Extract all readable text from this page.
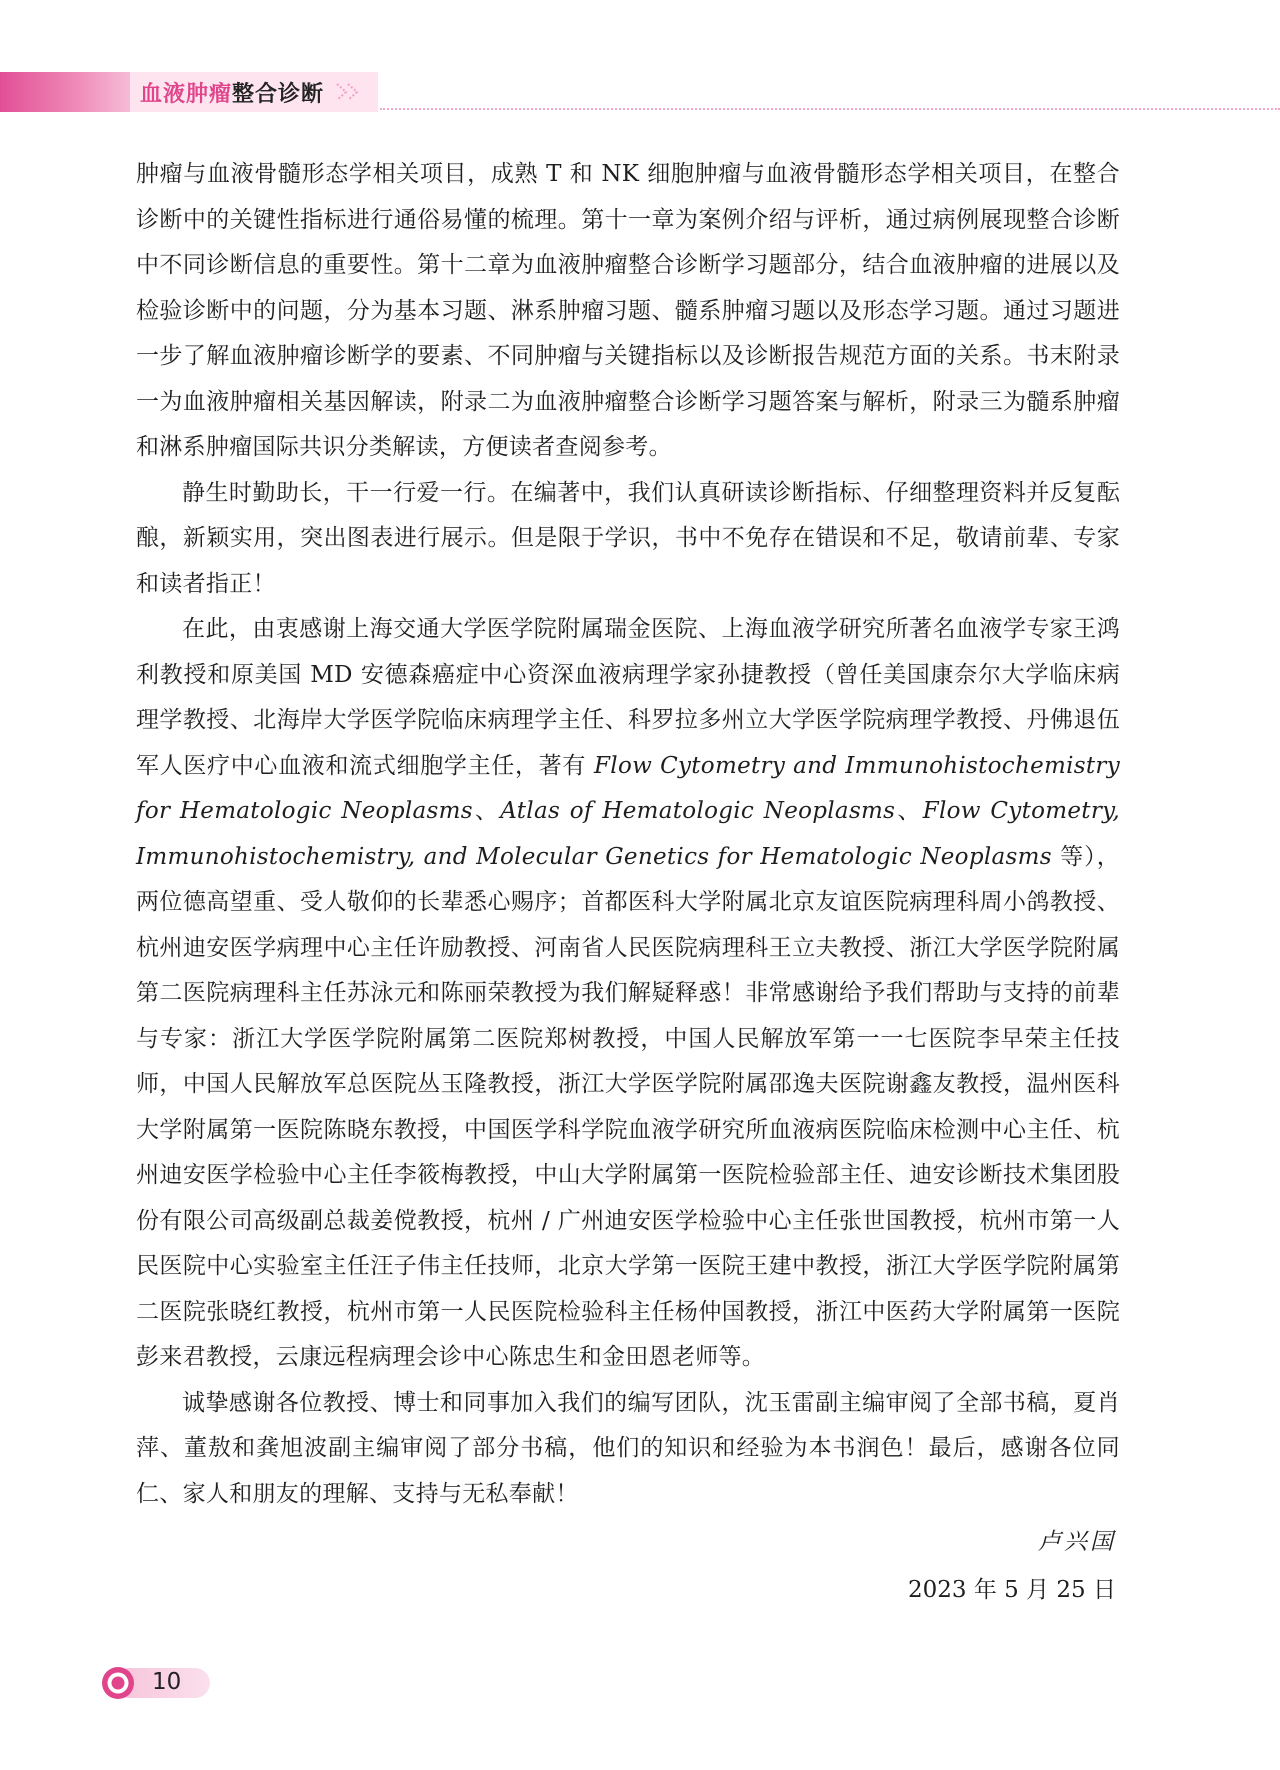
血液肿瘤整合诊断

肿瘤与血液骨髓形态学相关项目，成熟 T 和 NK 细胞肿瘤与血液骨髓形态学相关项目，在整合诊断中的关键性指标进行通俗易懂的梳理。第十一章为案例介绍与评析，通过病例展现整合诊断中不同诊断信息的重要性。第十二章为血液肿瘤整合诊断学习题部分，结合血液肿瘤的进展以及检验诊断中的问题，分为基本习题、淋系肿瘤习题、髓系肿瘤习题以及形态学习题。通过习题进一步了解血液肿瘤诊断学的要素、不同肿瘤与关键指标以及诊断报告规范方面的关系。书末附录一为血液肿瘤相关基因解读，附录二为血液肿瘤整合诊断学习题答案与解析，附录三为髓系肿瘤和淋系肿瘤国际共识分类解读，方便读者查阅参考。

静生时勤助长，干一行爱一行。在编著中，我们认真研读诊断指标、仔细整理资料并反复酝酿，新颖实用，突出图表进行展示。但是限于学识，书中不免存在错误和不足，敬请前辈、专家和读者指正！

在此，由衷感谢上海交通大学医学院附属瑞金医院、上海血液学研究所著名血液学专家王鸿利教授和原美国 MD 安德森癌症中心资深血液病理学家孙捷教授（曾任美国康奈尔大学临床病理学教授、北海岸大学医学院临床病理学主任、科罗拉多州立大学医学院病理学教授、丹佛退伍军人医疗中心血液和流式细胞学主任，著有 Flow Cytometry and Immunohistochemistry for Hematologic Neoplasms、Atlas of Hematologic Neoplasms、Flow Cytometry, Immunohistochemistry, and Molecular Genetics for Hematologic Neoplasms 等），两位德高望重、受人敬仰的长辈悉心赐序；首都医科大学附属北京友谊医院病理科周小鸽教授、杭州迪安医学病理中心主任许励教授、河南省人民医院病理科王立夫教授、浙江大学医学院附属第二医院病理科主任苏泳元和陈丽荣教授为我们解疑释惑！非常感谢给予我们帮助与支持的前辈与专家：浙江大学医学院附属第二医院郑树教授，中国人民解放军第一一七医院李早荣主任技师，中国人民解放军总医院丛玉隆教授，浙江大学医学院附属邵逸夫医院谢鑫友教授，温州医科大学附属第一医院陈晓东教授，中国医学科学院血液学研究所血液病医院临床检测中心主任、杭州迪安医学检验中心主任李筱梅教授，中山大学附属第一医院检验部主任、迪安诊断技术集团股份有限公司高级副总裁姜傥教授，杭州 / 广州迪安医学检验中心主任张世国教授，杭州市第一人民医院中心实验室主任汪子伟主任技师，北京大学第一医院王建中教授，浙江大学医学院附属第二医院张晓红教授，杭州市第一人民医院检验科主任杨仲国教授，浙江中医药大学附属第一医院彭来君教授，云康远程病理会诊中心陈忠生和金田恩老师等。

诚挚感谢各位教授、博士和同事加入我们的编写团队，沈玉雷副主编审阅了全部书稿，夏肖萍、董敖和龚旭波副主编审阅了部分书稿，他们的知识和经验为本书润色！最后，感谢各位同仁、家人和朋友的理解、支持与无私奉献！

卢兴国
2023 年 5 月 25 日
10
